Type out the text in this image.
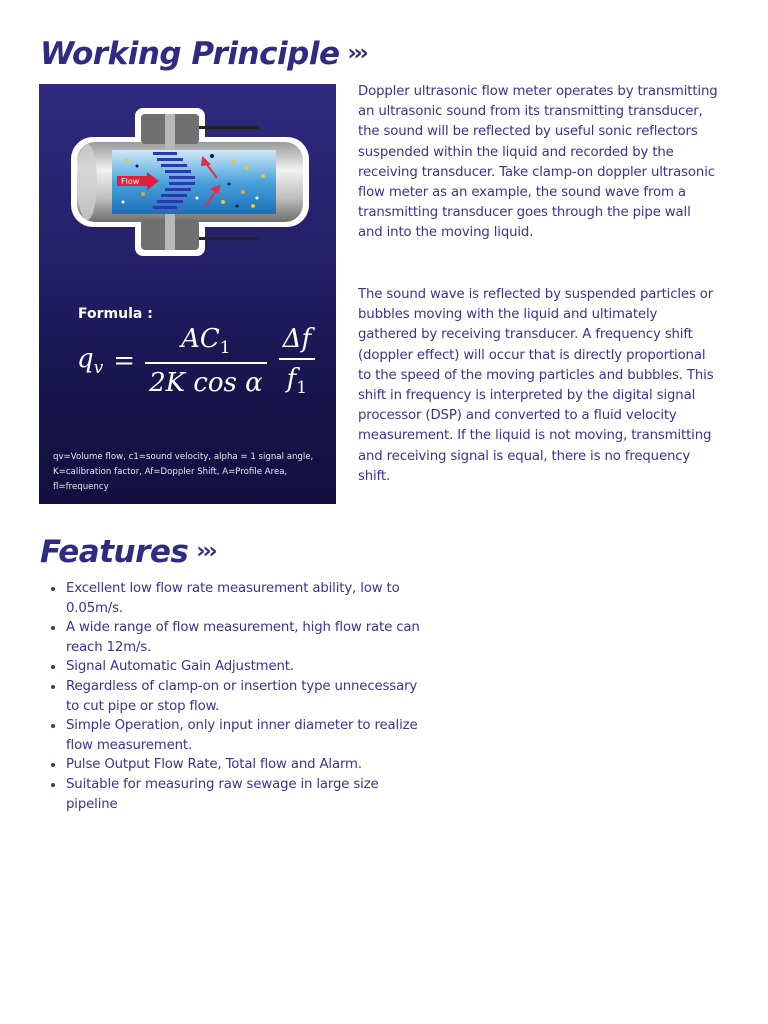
Working Principle ›››
Flow
Formula :
$q_v = \frac{AC_1}{\text{2K cos α}} \frac{\Delta f}{f_1}$
qv=Volume flow, c1=sound velocity, alpha = 1 signal angle, K=calibration factor, Af=Doppler Shift, A=Profile Area, fl=frequency

Doppler ultrasonic flow meter operates by transmitting an ultrasonic sound from its transmitting transducer, the sound will be reflected by useful sonic reflectors suspended within the liquid and recorded by the receiving transducer. Take clamp-on doppler ultrasonic flow meter as an example, the sound wave from a transmitting transducer goes through the pipe wall and into the moving liquid.

The sound wave is reflected by suspended particles or bubbles moving with the liquid and ultimately gathered by receiving transducer. A frequency shift (doppler effect) will occur that is directly proportional to the speed of the moving particles and bubbles. This shift in frequency is interpreted by the digital signal processor (DSP) and converted to a fluid velocity measurement. If the liquid is not moving, transmitting and receiving signal is equal, there is no frequency shift.

Features ›››
Excellent low flow rate measurement ability, low to 0.05m/s.
A wide range of flow measurement, high flow rate can reach 12m/s.
Signal Automatic Gain Adjustment.
Regardless of clamp-on or insertion type unnecessary to cut pipe or stop flow.
Simple Operation, only input inner diameter to realize flow measurement.
Pulse Output Flow Rate, Total flow and Alarm.
Suitable for measuring raw sewage in large size pipeline
